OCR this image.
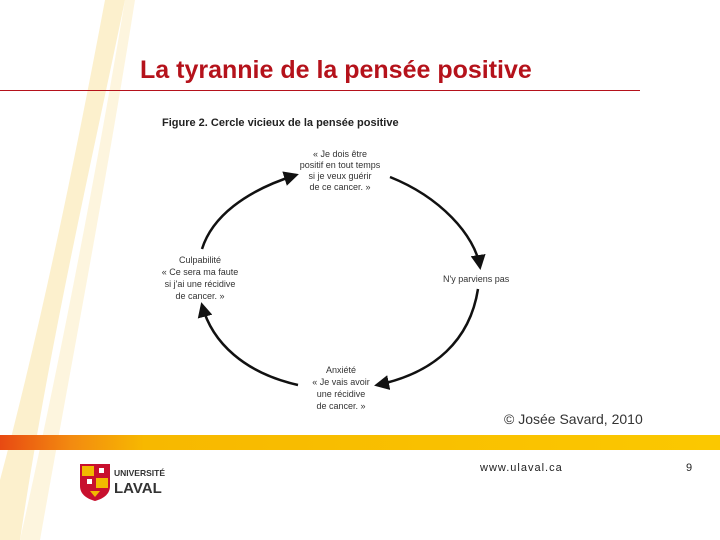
La tyrannie de la pensée positive
Figure 2. Cercle vicieux de la pensée positive
« Je dois être
positif en tout temps
si je veux guérir
de ce cancer. »
N'y parviens pas
Anxiété
« Je vais avoir
une récidive
de cancer. »
Culpabilité
« Ce sera ma faute
si j'ai une récidive
de cancer. »
© Josée Savard, 2010
UNIVERSITÉ
LAVAL
www.ulaval.ca	9
